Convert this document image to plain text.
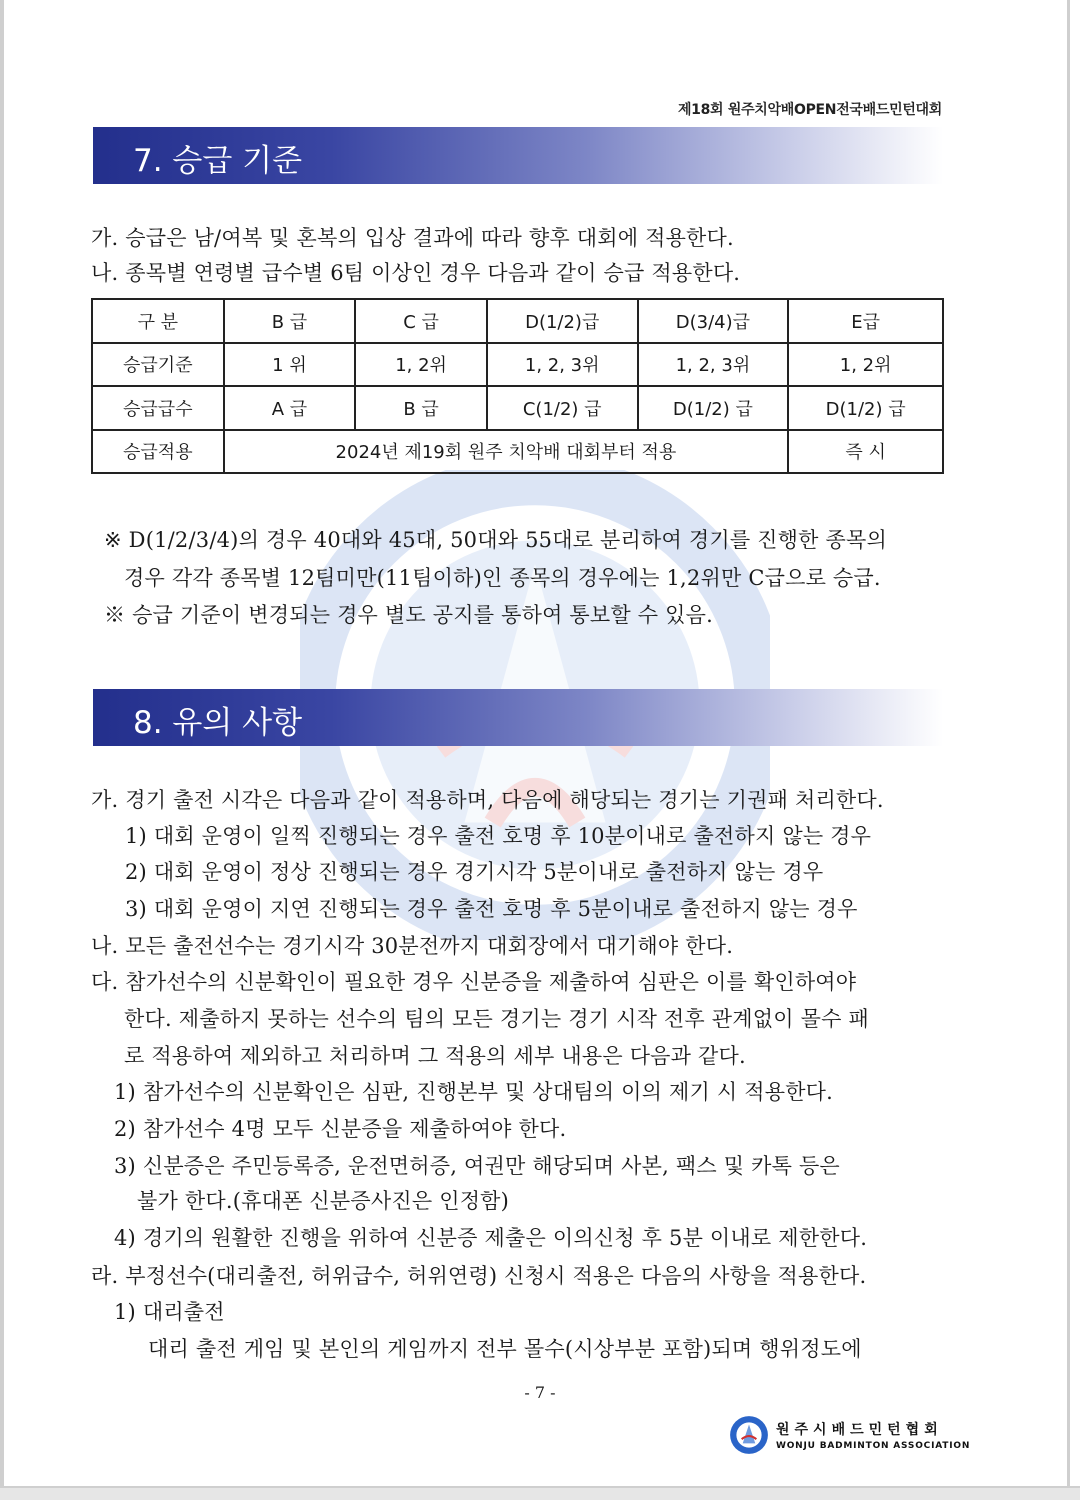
제18회 원주치악배OPEN전국배드민턴대회
7. 승급 기준
가. 승급은 남/여복 및 혼복의 입상 결과에 따라 향후 대회에 적용한다.
나. 종목별 연령별 급수별 6팀 이상인 경우 다음과 같이 승급 적용한다.
구 분	B 급	C 급	D(1/2)급	D(3/4)급	E급
승급기준	1 위	1, 2위	1, 2, 3위	1, 2, 3위	1, 2위
승급급수	A 급	B 급	C(1/2) 급	D(1/2) 급	D(1/2) 급
승급적용	2024년 제19회 원주 치악배 대회부터 적용				즉 시
※ D(1/2/3/4)의 경우 40대와 45대, 50대와 55대로 분리하여 경기를 진행한 종목의
경우 각각 종목별 12팀미만(11팀이하)인 종목의 경우에는 1,2위만 C급으로 승급.
※ 승급 기준이 변경되는 경우 별도 공지를 통하여 통보할 수 있음.
8. 유의 사항
가. 경기 출전 시각은 다음과 같이 적용하며, 다음에 해당되는 경기는 기권패 처리한다.
1) 대회 운영이 일찍 진행되는 경우 출전 호명 후 10분이내로 출전하지 않는 경우
2) 대회 운영이 정상 진행되는 경우 경기시각 5분이내로 출전하지 않는 경우
3) 대회 운영이 지연 진행되는 경우 출전 호명 후 5분이내로 출전하지 않는 경우
나. 모든 출전선수는 경기시각 30분전까지 대회장에서 대기해야 한다.
다. 참가선수의 신분확인이 필요한 경우 신분증을 제출하여 심판은 이를 확인하여야
한다. 제출하지 못하는 선수의 팀의 모든 경기는 경기 시작 전후 관계없이 몰수 패
로 적용하여 제외하고 처리하며 그 적용의 세부 내용은 다음과 같다.
1) 참가선수의 신분확인은 심판, 진행본부 및 상대팀의 이의 제기 시 적용한다.
2) 참가선수 4명 모두 신분증을 제출하여야 한다.
3) 신분증은 주민등록증, 운전면허증, 여권만 해당되며 사본, 팩스 및 카톡 등은
불가 한다.(휴대폰 신분증사진은 인정함)
4) 경기의 원활한 진행을 위하여 신분증 제출은 이의신청 후 5분 이내로 제한한다.
라. 부정선수(대리출전, 허위급수, 허위연령) 신청시 적용은 다음의 사항을 적용한다.
1) 대리출전
대리 출전 게임 및 본인의 게임까지 전부 몰수(시상부분 포함)되며 행위정도에
- 7 -
원주시배드민턴협회
WONJU BADMINTON ASSOCIATION
